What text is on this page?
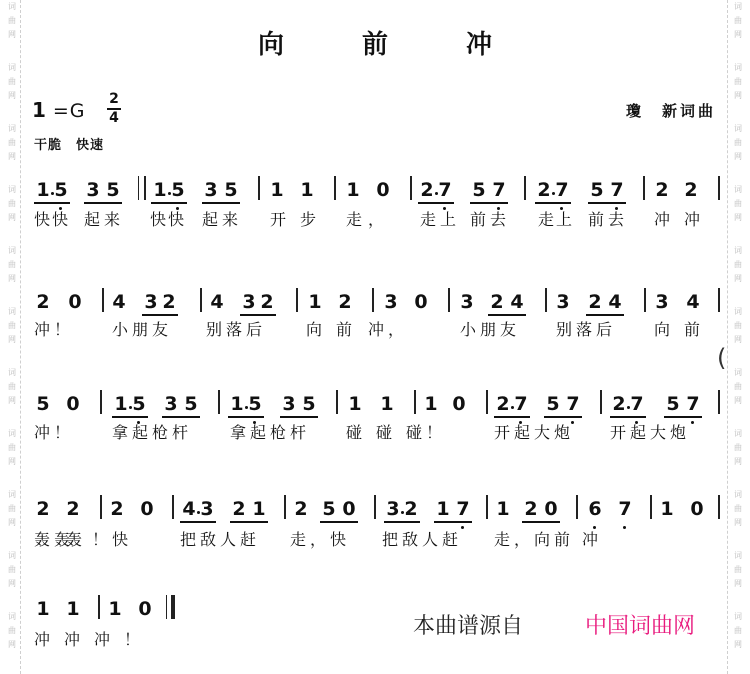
词
曲
网
词
曲
网
词
曲
网
词
曲
网
词
曲
网
词
曲
网
词
曲
网
词
曲
网
词
曲
网
词
曲
网
词
曲
网
词
曲
网
词
曲
网
词
曲
网
词
曲
网
词
曲
网
词
曲
网
词
曲
网
词
曲
网
词
曲
网
词
曲
网
词
曲
网
向　前　冲
1 =G
2
4	瓊　新词曲
干脆　快速
1 5 3 5 1 5 3 5 1 1 1 0 2 7 5 7 2 7 5 7 2 2
快 快 起 来 快 快 起 来 开 步 走 ， 走 上 前 去 走 上 前 去 冲 冲
2 0 4 3 2 4 3 2 1 2 3 0 3 2 4 3 2 4 3 4
冲 ！	小 朋 友 别 落 后	向 前 冲 ，	小 朋 友 别 落 后	向 前
5 0 1 5 3 5 1 5 3 5 1 1 1 0 2 7 5 7 2 7 5 7
冲 ！	拿 起 枪 杆	拿 起 枪 杆 碰 碰 碰 ！	开 起 大 炮 开 起 大 炮
2 2 2 0 4 3 2 1 2 5 0 3 2 1 7 1 2 0 6 7 1 0
轰 轰
轰 ！ 快	把 敌 人 赶 走 ， 快 把 敌 人 赶 走 ， 向 前 冲
1 1 1 0
冲 冲 冲 ！
(
本曲谱源自	中国词曲网
